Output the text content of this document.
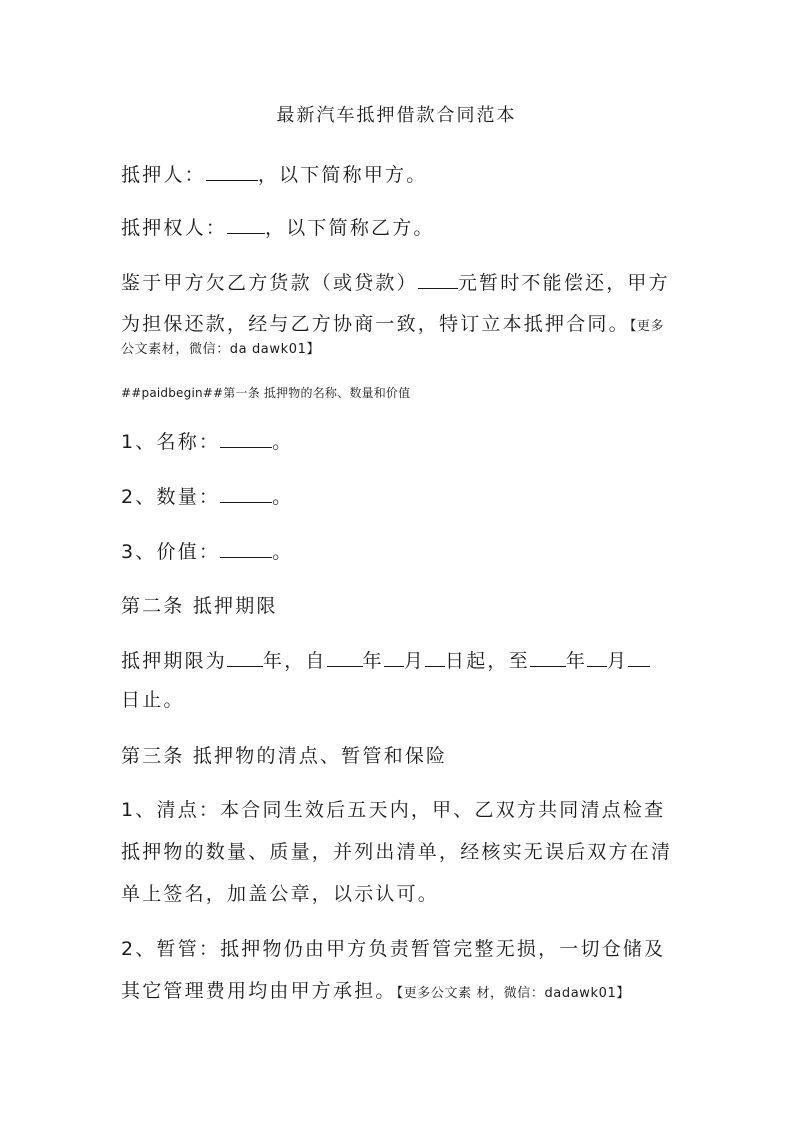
最新汽车抵押借款合同范本
抵押人：	，以下简称甲方。
抵押权人： ，以下简称乙方。
鉴于甲方欠乙方货款（或贷款） 元暂时不能偿还，甲方
为担保还款，经与乙方协商一致，特订立本抵押合同。【更多
公文素材，微信：da dawk01】
##paidbegin##第一条 抵押物的名称、数量和价值
1、名称：	。
2、数量：	。
3、价值：	。
第二条 抵押期限
抵押期限为 年，自 年 月 日起，至 年 月
日止。
第三条 抵押物的清点、暂管和保险
1、清点：本合同生效后五天内，甲、乙双方共同清点检查
抵押物的数量、质量，并列出清单，经核实无误后双方在清
单上签名，加盖公章，以示认可。
2、暂管：抵押物仍由甲方负责暂管完整无损，一切仓储及
其它管理费用均由甲方承担。【更多公文素 材，微信：dadawk01】
